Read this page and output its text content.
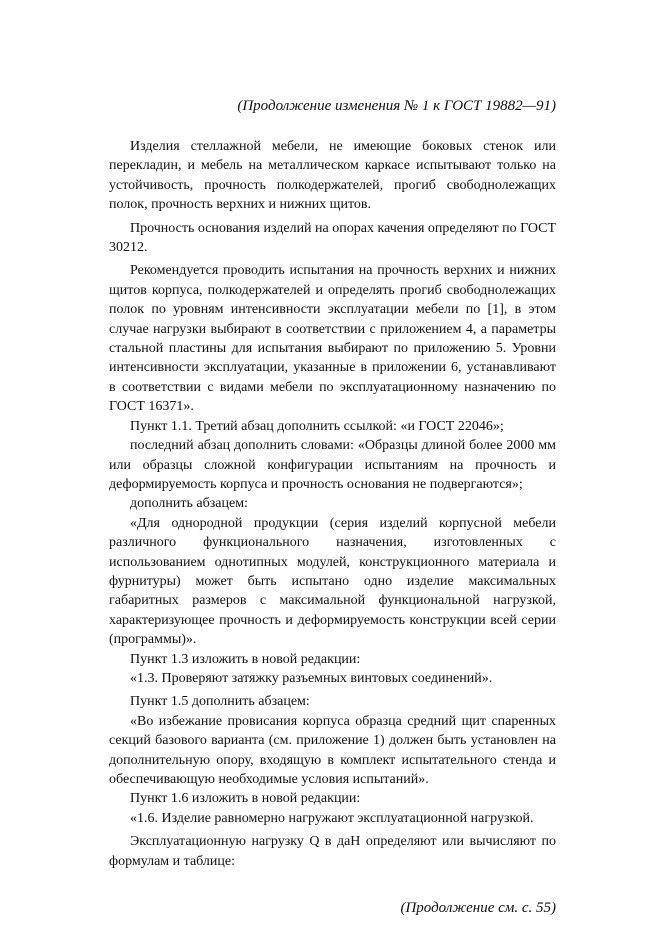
(Продолжение изменения № 1 к ГОСТ 19882—91)
Изделия стеллажной мебели, не имеющие боковых стенок или перекладин, и мебель на металлическом каркасе испытывают только на устойчивость, прочность полкодержателей, прогиб свободнолежащих полок, прочность верхних и нижних щитов.
Прочность основания изделий на опорах качения определяют по ГОСТ 30212.
Рекомендуется проводить испытания на прочность верхних и нижних щитов корпуса, полкодержателей и определять прогиб свободнолежащих полок по уровням интенсивности эксплуатации мебели по [1], в этом случае нагрузки выбирают в соответствии с приложением 4, а параметры стальной пластины для испытания выбирают по приложению 5. Уровни интенсивности эксплуатации, указанные в приложении 6, устанавливают в соответствии с видами мебели по эксплуатационному назначению по ГОСТ 16371».
Пункт 1.1. Третий абзац дополнить ссылкой: «и ГОСТ 22046»;
последний абзац дополнить словами: «Образцы длиной более 2000 мм или образцы сложной конфигурации испытаниям на прочность и деформируемость корпуса и прочность основания не подвергаются»;
дополнить абзацем:
«Для однородной продукции (серия изделий корпусной мебели различного функционального назначения, изготовленных с использованием однотипных модулей, конструкционного материала и фурнитуры) может быть испытано одно изделие максимальных габаритных размеров с максимальной функциональной нагрузкой, характеризующее прочность и деформируемость конструкции всей серии (программы)».
Пункт 1.3 изложить в новой редакции:
«1.3. Проверяют затяжку разъемных винтовых соединений».
Пункт 1.5 дополнить абзацем:
«Во избежание провисания корпуса образца средний щит спаренных секций базового варианта (см. приложение 1) должен быть установлен на дополнительную опору, входящую в комплект испытательного стенда и обеспечивающую необходимые условия испытаний».
Пункт 1.6 изложить в новой редакции:
«1.6. Изделие равномерно нагружают эксплуатационной нагрузкой.
Эксплуатационную нагрузку Q в даН определяют или вычисляют по формулам и таблице:
(Продолжение см. с. 55)
